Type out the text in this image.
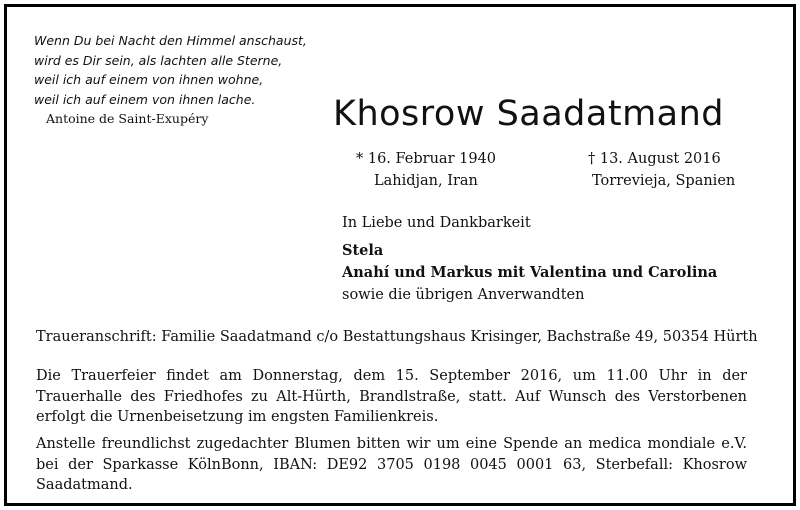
Wenn Du bei Nacht den Himmel anschaust,
wird es Dir sein, als lachten alle Sterne,
weil ich auf einem von ihnen wohne,
weil ich auf einem von ihnen lache.
Antoine de Saint-Exupéry	Khosrow Saadatmand
* 16. Februar 1940
Lahidjan, Iran
† 13. August 2016
Torrevieja, Spanien
In Liebe und Dankbarkeit
Stela
Anahí und Markus mit Valentina und Carolina
sowie die übrigen Anverwandten
Traueranschrift: Familie Saadatmand c/o Bestattungshaus Krisinger, Bachstraße 49, 50354 Hürth
Die Trauerfeier findet am Donnerstag, dem 15. September 2016, um 11.00 Uhr in der Trauerhalle des Friedhofes zu Alt-Hürth, Brandlstraße, statt. Auf Wunsch des Verstorbenen erfolgt die Urnenbeisetzung im engsten Familienkreis.
Anstelle freundlichst zugedachter Blumen bitten wir um eine Spende an medica mondiale e.V. bei der Sparkasse KölnBonn, IBAN: DE92 3705 0198 0045 0001 63, Sterbefall: Khosrow Saadatmand.
